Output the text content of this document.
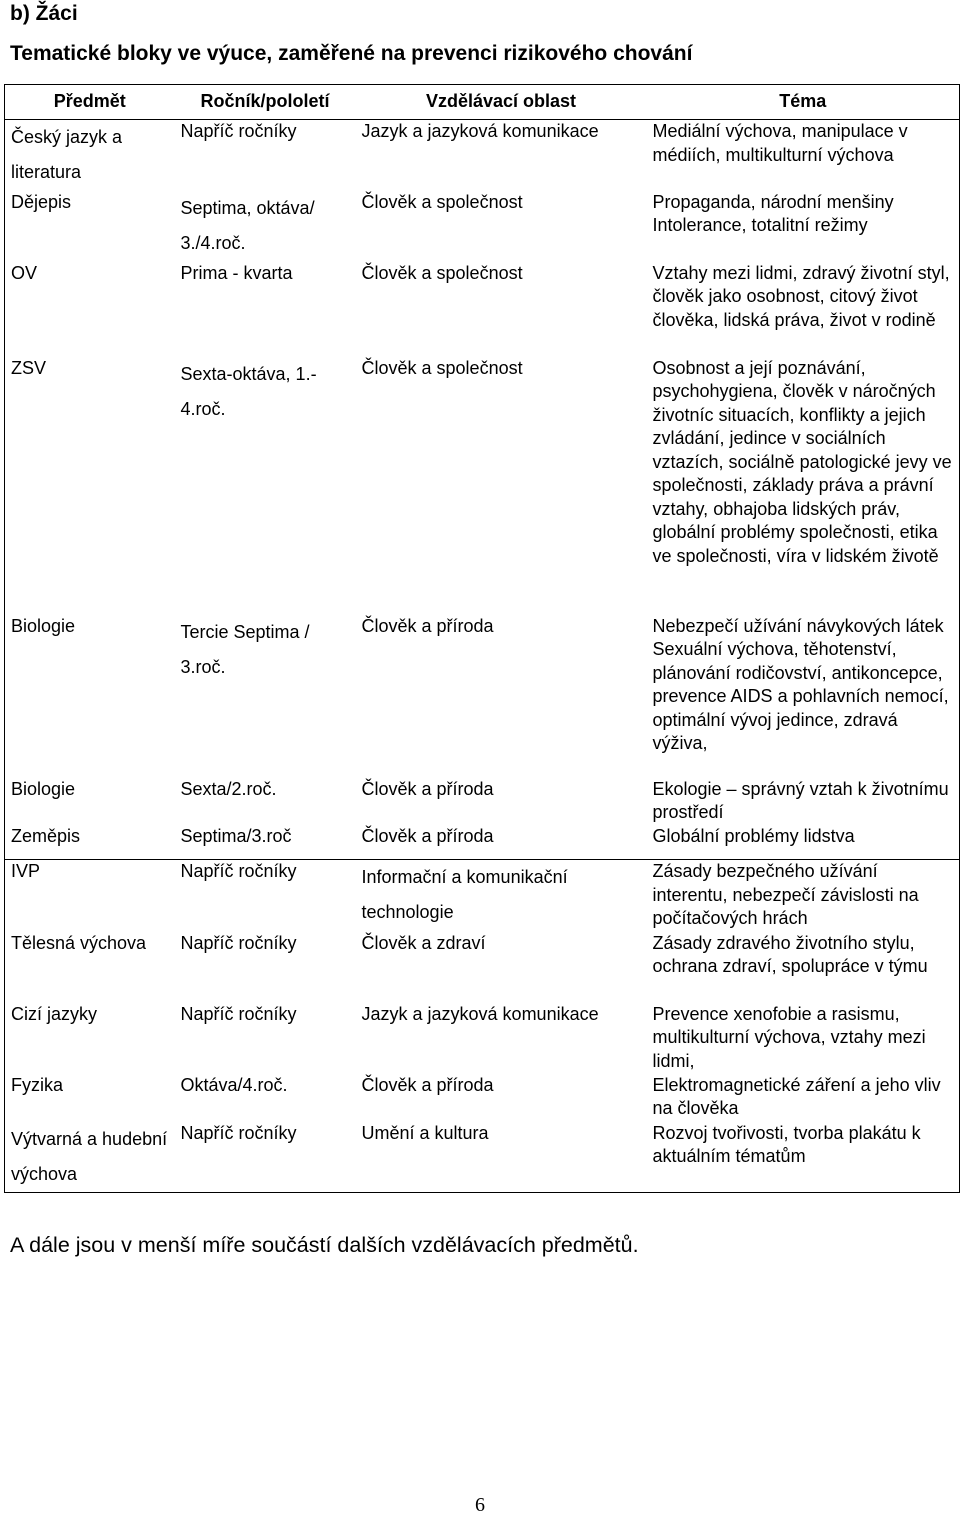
b) Žáci
Tematické bloky ve výuce, zaměřené na prevenci rizikového chování
Předmět	Ročník/pololetí	Vzdělávací oblast	Téma
Český jazyk a literatura	Napříč ročníky	Jazyk a jazyková komunikace	Mediální výchova, manipulace v médiích, multikulturní výchova
Dějepis	Septima, oktáva/ 3./4.roč.	Člověk a společnost	Propaganda, národní menšiny Intolerance, totalitní režimy
OV	Prima - kvarta	Člověk a společnost	Vztahy mezi lidmi, zdravý životní styl, člověk jako osobnost, citový život člověka, lidská práva, život v rodině
ZSV	Sexta-oktáva, 1.- 4.roč.	Člověk a společnost	Osobnost a její poznávání, psychohygiena, člověk v náročných životníc situacích, konflikty a jejich zvládání, jedince v sociálních vztazích, sociálně patologické jevy ve společnosti, základy práva a právní vztahy, obhajoba lidských práv, globální problémy společnosti, etika ve společnosti, víra v lidském životě
Biologie	Tercie Septima / 3.roč.	Člověk a příroda	Nebezpečí užívání návykových látek Sexuální výchova, těhotenství, plánování rodičovství, antikoncepce, prevence AIDS a pohlavních nemocí, optimální vývoj jedince, zdravá výživa,
Biologie	Sexta/2.roč.	Člověk a příroda	Ekologie – správný vztah k životnímu prostředí
Zeměpis	Septima/3.roč	Člověk a příroda	Globální problémy lidstva
IVP	Napříč ročníky	Informační a komunikační technologie	Zásady bezpečného užívání interentu, nebezpečí závislosti na počítačových hrách
Tělesná výchova	Napříč ročníky	Člověk a zdraví	Zásady zdravého životního stylu, ochrana zdraví, spolupráce v týmu
Cizí jazyky	Napříč ročníky	Jazyk a jazyková komunikace	Prevence xenofobie a rasismu, multikulturní výchova, vztahy mezi lidmi,
Fyzika	Oktáva/4.roč.	Člověk a příroda	Elektromagnetické záření a jeho vliv na člověka
Výtvarná a hudební výchova	Napříč ročníky	Umění a kultura	Rozvoj tvořivosti, tvorba plakátu k aktuálním tématům

A dále jsou v menší míře součástí dalších vzdělávacích předmětů.

6
